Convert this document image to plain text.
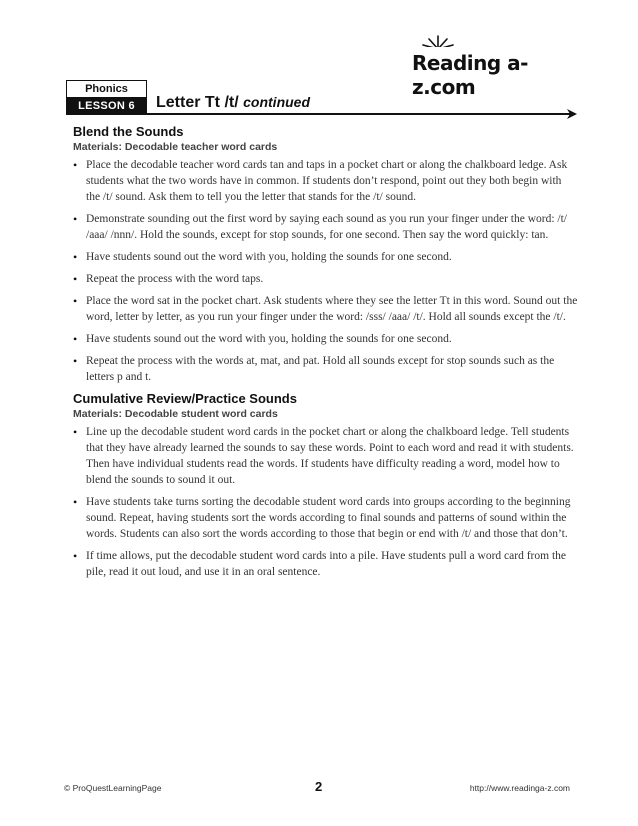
Reading a-z.com
Phonics
LESSON 6	Letter Tt /t/ continued
Blend the Sounds
Materials: Decodable teacher word cards
• Place the decodable teacher word cards tan and taps in a pocket chart or along the chalkboard ledge. Ask students what the two words have in common. If students don’t respond, point out they both begin with the /t/ sound. Ask them to tell you the letter that stands for the /t/ sound.
• Demonstrate sounding out the first word by saying each sound as you run your finger under the word: /t/ /aaa/ /nnn/. Hold the sounds, except for stop sounds, for one second. Then say the word quickly: tan.
• Have students sound out the word with you, holding the sounds for one second.
• Repeat the process with the word taps.
• Place the word sat in the pocket chart. Ask students where they see the letter Tt in this word. Sound out the word, letter by letter, as you run your finger under the word: /sss/ /aaa/ /t/. Hold all sounds except the /t/.
• Have students sound out the word with you, holding the sounds for one second.
• Repeat the process with the words at, mat, and pat. Hold all sounds except for stop sounds such as the letters p and t.
Cumulative Review/Practice Sounds
Materials: Decodable student word cards
• Line up the decodable student word cards in the pocket chart or along the chalkboard ledge. Tell students that they have already learned the sounds to say these words. Point to each word and read it with students. Then have individual students read the words. If students have difficulty reading a word, model how to blend the sounds to sound it out.
• Have students take turns sorting the decodable student word cards into groups according to the beginning sound. Repeat, having students sort the words according to final sounds and patterns of sound within the words. Students can also sort the words according to those that begin or end with /t/ and those that don’t.
• If time allows, put the decodable student word cards into a pile. Have students pull a word card from the pile, read it out loud, and use it in an oral sentence.
© ProQuestLearningPage	2	http://www.readinga-z.com
